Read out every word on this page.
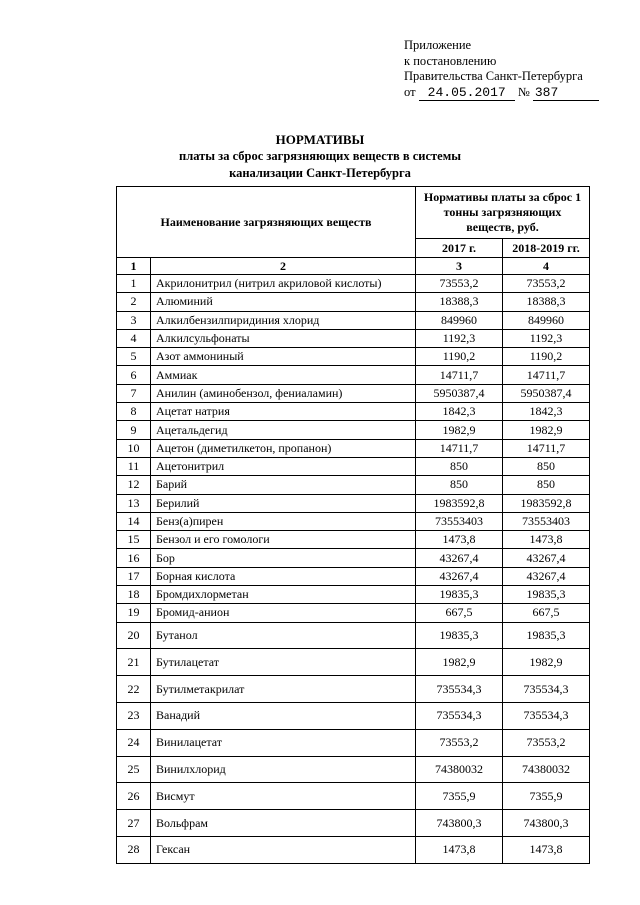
Приложение
к постановлению
Правительства Санкт-Петербурга
от 24.05.2017 № 387
НОРМАТИВЫ
платы за сброс загрязняющих веществ в системы
канализации Санкт-Петербурга
Наименование загрязняющих веществ		Нормативы платы за сброс 1 тонны загрязняющих веществ, руб.	
		2017 г.	2018-2019 гг.
1	2	3	4
1	Акрилонитрил (нитрил акриловой кислоты)	73553,2	73553,2
2	Алюминий	18388,3	18388,3
3	Алкилбензилпиридиния хлорид	849960	849960
4	Алкилсульфонаты	1192,3	1192,3
5	Азот аммониный	1190,2	1190,2
6	Аммиак	14711,7	14711,7
7	Анилин (аминобензол, фениаламин)	5950387,4	5950387,4
8	Ацетат натрия	1842,3	1842,3
9	Ацетальдегид	1982,9	1982,9
10	Ацетон (диметилкетон, пропанон)	14711,7	14711,7
11	Ацетонитрил	850	850
12	Барий	850	850
13	Берилий	1983592,8	1983592,8
14	Бенз(а)пирен	73553403	73553403
15	Бензол и его гомологи	1473,8	1473,8
16	Бор	43267,4	43267,4
17	Борная кислота	43267,4	43267,4
18	Бромдихлорметан	19835,3	19835,3
19	Бромид-анион	667,5	667,5
20	Бутанол	19835,3	19835,3
21	Бутилацетат	1982,9	1982,9
22	Бутилметакрилат	735534,3	735534,3
23	Ванадий	735534,3	735534,3
24	Винилацетат	73553,2	73553,2
25	Винилхлорид	74380032	74380032
26	Висмут	7355,9	7355,9
27	Вольфрам	743800,3	743800,3
28	Гексан	1473,8	1473,8
